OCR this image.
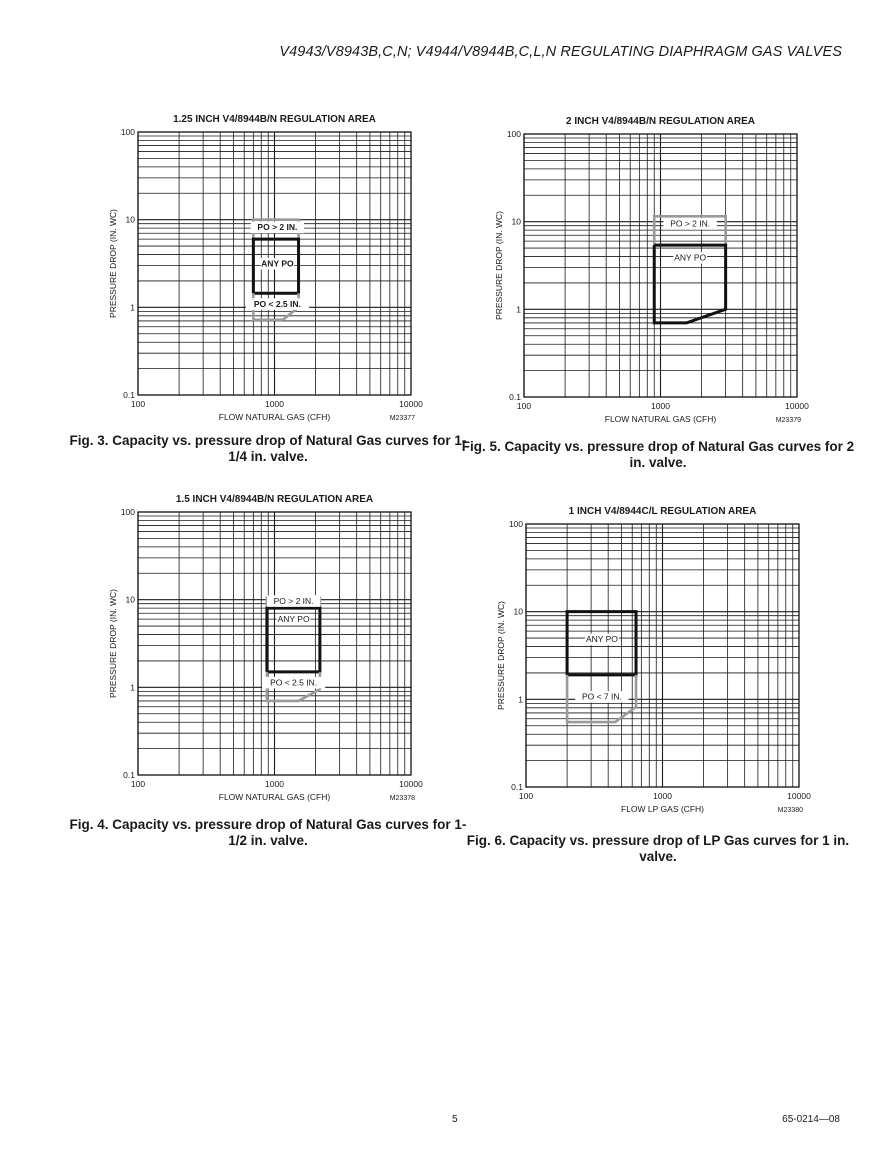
V4943/V8943B,C,N; V4944/V8944B,C,L,N REGULATING DIAPHRAGM GAS VALVES
1.25 INCH V4/8944B/N REGULATION AREA
100	1000	10000
0.1
1
10
100
FLOW NATURAL GAS (CFH)
PRESSURE DROP (IN. WC)
M23377
PO > 2 IN.
ANY PO
PO < 2.5 IN.
Fig. 3. Capacity vs. pressure drop of Natural Gas curves for 1-1/4 in. valve.
1.5 INCH V4/8944B/N REGULATION AREA
100	1000	10000
0.1
1
10
100
FLOW NATURAL GAS (CFH)
PRESSURE DROP (IN. WC)
M23378
PO > 2 IN.
ANY PO
PO < 2.5 IN.
Fig. 4. Capacity vs. pressure drop of Natural Gas curves for 1-1/2 in. valve.
2 INCH V4/8944B/N REGULATION AREA
100	1000	10000
0.1
1
10
100
FLOW NATURAL GAS (CFH)
PRESSURE DROP (IN. WC)
M23379
PO > 2 IN.
ANY PO
Fig. 5. Capacity vs. pressure drop of Natural Gas curves for 2 in. valve.
1 INCH V4/8944C/L REGULATION AREA
100	1000	10000
0.1
1
10
100
FLOW LP GAS (CFH)
PRESSURE DROP (IN. WC)
M23380
ANY PO
PO < 7 IN.
Fig. 6. Capacity vs. pressure drop of LP Gas curves for 1 in. valve.
5	65-0214—08
